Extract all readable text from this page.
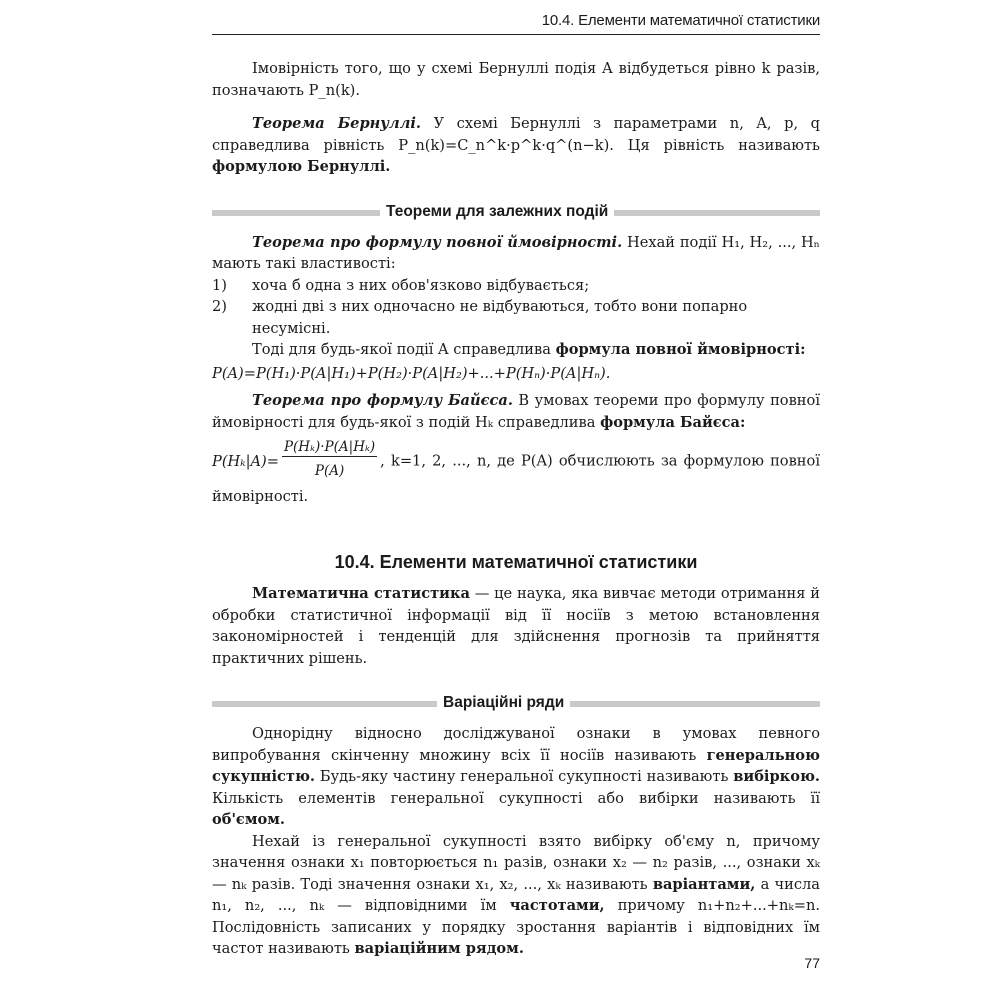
10.4. Елементи математичної статистики

Імовірність того, що у схемі Бернуллі подія A відбудеться рівно k разів, позначають P_n(k).

Теорема Бернуллі. У схемі Бернуллі з параметрами n, A, p, q справедлива рівність P_n(k)=C_n^k·p^k·q^(n−k). Ця рівність називають формулою Бернуллі.

Теореми для залежних подій

Теорема про формулу повної ймовірності. Нехай події H₁, H₂, ..., Hₙ мають такі властивості:

1)	хоча б одна з них обов'язково відбувається;
2)	жодні дві з них одночасно не відбуваються, тобто вони попарно несумісні.

Тоді для будь-якої події A справедлива формула повної ймовірності:

P(A)=P(H₁)·P(A|H₁)+P(H₂)·P(A|H₂)+...+P(Hₙ)·P(A|Hₙ).

Теорема про формулу Байєса. В умовах теореми про формулу повної ймовірності для будь-якої з подій Hₖ справедлива формула Байєса:

$P(H_k|A)= \frac{\text{P(Hₖ)·P(A|Hₖ)}}{P(A)}$ , k=1, 2, ..., n, де P(A) обчислюють за формулою повної ймовірності.

10.4. Елементи математичної статистики

Математична статистика — це наука, яка вивчає методи отримання й обробки статистичної інформації від її носіїв з метою встановлення закономірностей і тенденцій для здійснення прогнозів та прийняття практичних рішень.

Варіаційні ряди

Однорідну відносно досліджуваної ознаки в умовах певного випробування скінченну множину всіх її носіїв називають генеральною сукупністю. Будь-яку частину генеральної сукупності називають вибіркою. Кількість елементів генеральної сукупності або вибірки називають її об'ємом.

Нехай із генеральної сукупності взято вибірку об'єму n, причому значення ознаки x₁ повторюється n₁ разів, ознаки x₂ — n₂ разів, ..., ознаки xₖ — nₖ разів. Тоді значення ознаки x₁, x₂, ..., xₖ називають варіантами, а числа n₁, n₂, ..., nₖ — відповідними їм частотами, причому n₁+n₂+...+nₖ=n. Послідовність записаних у порядку зростання варіантів і відповідних їм частот називають варіаційним рядом.

77
